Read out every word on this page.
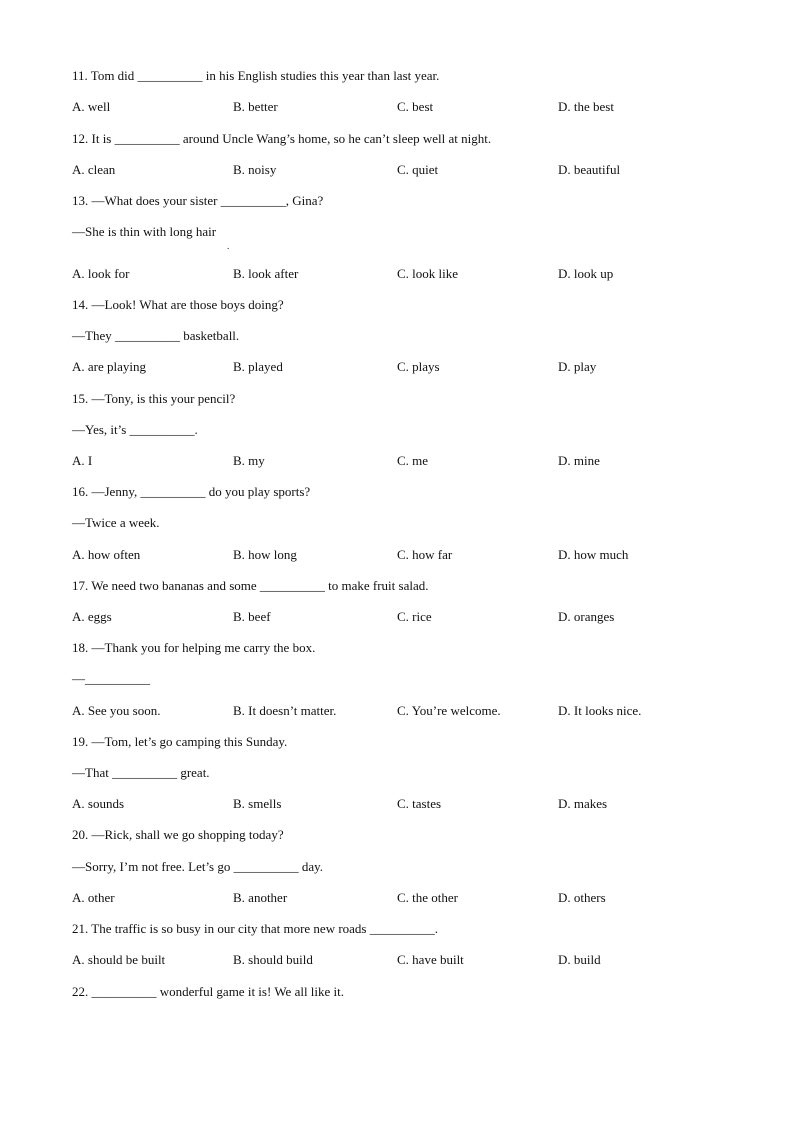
11. Tom did __________ in his English studies this year than last year.
A. well	B. better	C. best	D. the best
12. It is __________ around Uncle Wang’s home, so he can’t sleep well at night.
A. clean	B. noisy	C. quiet	D. beautiful
13. —What does your sister __________, Gina?
—She is thin with long hair
.
A. look for	B. look after	C. look like	D. look up
14. —Look! What are those boys doing?
—They __________ basketball.
A. are playing	B. played	C. plays	D. play
15. —Tony, is this your pencil?
—Yes, it’s __________.
A. I	B. my	C. me	D. mine
16. —Jenny, __________ do you play sports?
—Twice a week.
A. how often	B. how long	C. how far	D. how much
17. We need two bananas and some __________ to make fruit salad.
A. eggs	B. beef	C. rice	D. oranges
18. —Thank you for helping me carry the box.
—__________
A. See you soon.	B. It doesn’t matter.	C. You’re welcome.	D. It looks nice.
19. —Tom, let’s go camping this Sunday.
—That __________ great.
A. sounds	B. smells	C. tastes	D. makes
20. —Rick, shall we go shopping today?
—Sorry, I’m not free. Let’s go __________ day.
A. other	B. another	C. the other	D. others
21. The traffic is so busy in our city that more new roads __________.
A. should be built	B. should build	C. have built	D. build
22. __________ wonderful game it is! We all like it.
